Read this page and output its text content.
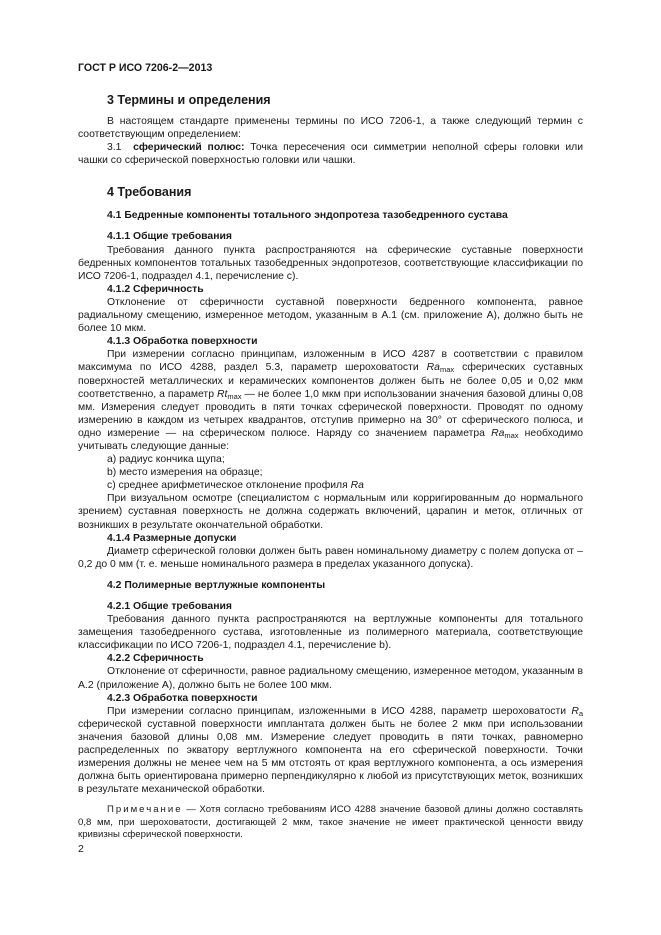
ГОСТ Р ИСО 7206-2—2013
3 Термины и определения

В настоящем стандарте применены термины по ИСО 7206-1, а также следующий термин с соответствующим определением:

3.1 сферический полюс: Точка пересечения оси симметрии неполной сферы головки или чашки со сферической поверхностью головки или чашки.

4 Требования
4.1 Бедренные компоненты тотального эндопротеза тазобедренного сустава
4.1.1 Общие требования

Требования данного пункта распространяются на сферические суставные поверхности бедренных компонентов тотальных тазобедренных эндопротезов, соответствующие классификации по ИСО 7206-1, подраздел 4.1, перечисление с).

4.1.2 Сферичность

Отклонение от сферичности суставной поверхности бедренного компонента, равное радиальному смещению, измеренное методом, указанным в А.1 (см. приложение А), должно быть не более 10 мкм.

4.1.3 Обработка поверхности

При измерении согласно принципам, изложенным в ИСО 4287 в соответствии с правилом максимума по ИСО 4288, раздел 5.3, параметр шероховатости $Ra_{max}$ сферических суставных поверхностей металлических и керамических компонентов должен быть не более 0,05 и 0,02 мкм соответственно, а параметр $Rt_{max}$ — не более 1,0 мкм при использовании значения базовой длины 0,08 мм. Измерения следует проводить в пяти точках сферической поверхности. Проводят по одному измерению в каждом из четырех квадрантов, отступив примерно на 30° от сферического полюса, и одно измерение — на сферическом полюсе. Наряду со значением параметра $Ra_{max}$ необходимо учитывать следующие данные:

a) радиус кончика щупа;
b) место измерения на образце;
c) среднее арифметическое отклонение профиля Ra

При визуальном осмотре (специалистом с нормальным или корригированным до нормального зрением) суставная поверхность не должна содержать включений, царапин и меток, отличных от возникших в результате окончательной обработки.

4.1.4 Размерные допуски

Диаметр сферической головки должен быть равен номинальному диаметру с полем допуска от –0,2 до 0 мм (т. е. меньше номинального размера в пределах указанного допуска).

4.2 Полимерные вертлужные компоненты
4.2.1 Общие требования

Требования данного пункта распространяются на вертлужные компоненты для тотального замещения тазобедренного сустава, изготовленные из полимерного материала, соответствующие классификации по ИСО 7206-1, подраздел 4.1, перечисление b).

4.2.2 Сферичность

Отклонение от сферичности, равное радиальному смещению, измеренное методом, указанным в А.2 (приложение А), должно быть не более 100 мкм.

4.2.3 Обработка поверхности

При измерении согласно принципам, изложенными в ИСО 4288, параметр шероховатости $R_a$ сферической суставной поверхности имплантата должен быть не более 2 мкм при использовании значения базовой длины 0,08 мм. Измерение следует проводить в пяти точках, равномерно распределенных по экватору вертлужного компонента на его сферической поверхности. Точки измерения должны не менее чем на 5 мм отстоять от края вертлужного компонента, а ось измерения должна быть ориентирована примерно перпендикулярно к любой из присутствующих меток, возникших в результате механической обработки.

Примечание — Хотя согласно требованиям ИСО 4288 значение базовой длины должно составлять 0,8 мм, при шероховатости, достигающей 2 мкм, такое значение не имеет практической ценности ввиду кривизны сферической поверхности.

2
